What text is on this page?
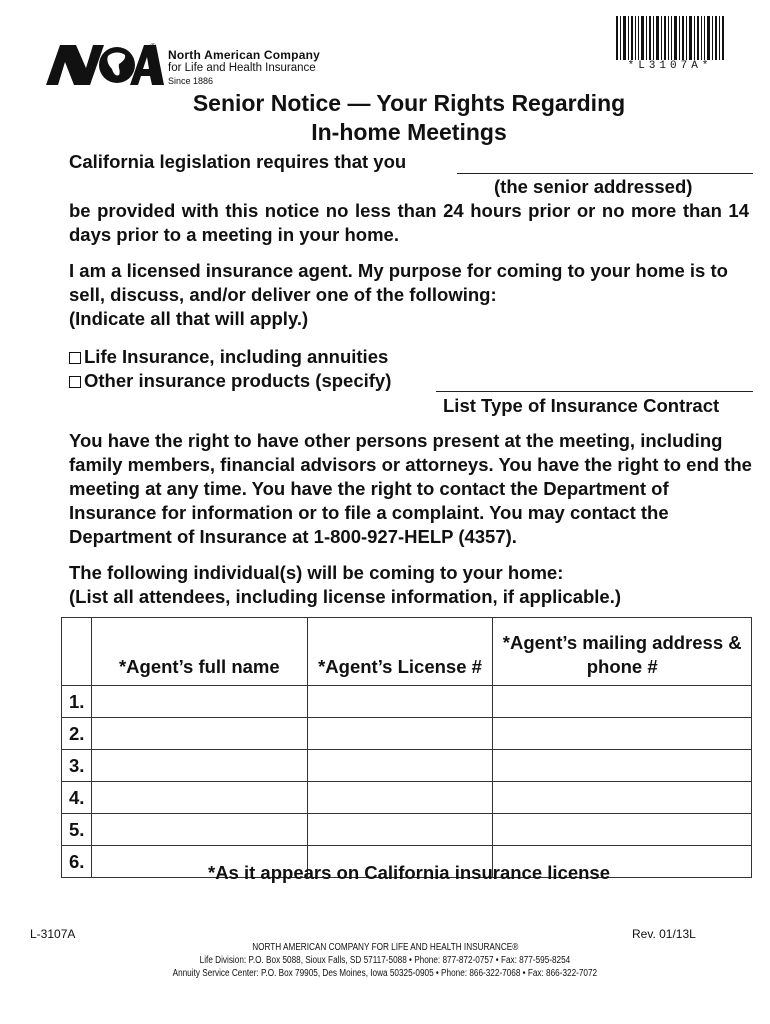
®
North American Company
for Life and Health Insurance
Since 1886
*L3107A*
Senior Notice — Your Rights Regarding
In-home Meetings
California legislation requires that you
(the senior addressed)
be provided with this notice no less than 24 hours prior or no more than 14 days prior to a meeting in your home.
I am a licensed insurance agent. My purpose for coming to your home is to sell, discuss, and/or deliver one of the following:
(Indicate all that will apply.)
Life Insurance, including annuities
Other insurance products (specify)
List Type of Insurance Contract
You have the right to have other persons present at the meeting, including family members, financial advisors or attorneys. You have the right to end the meeting at any time. You have the right to contact the Department of Insurance for information or to file a complaint. You may contact the Department of Insurance at 1-800-927-HELP (4357).
The following individual(s) will be coming to your home:
(List all attendees, including license information, if applicable.)
	*Agent’s full name	*Agent’s License #	*Agent’s mailing address & phone #
1.			
2.			
3.			
4.			
5.			
6.			
*As it appears on California insurance license
L-3107A	Rev. 01/13L
NORTH AMERICAN COMPANY FOR LIFE AND HEALTH INSURANCE®
Life Division: P.O. Box 5088, Sioux Falls, SD 57117-5088 • Phone: 877-872-0757 • Fax: 877-595-8254
Annuity Service Center: P.O. Box 79905, Des Moines, Iowa 50325-0905 • Phone: 866-322-7068 • Fax: 866-322-7072
